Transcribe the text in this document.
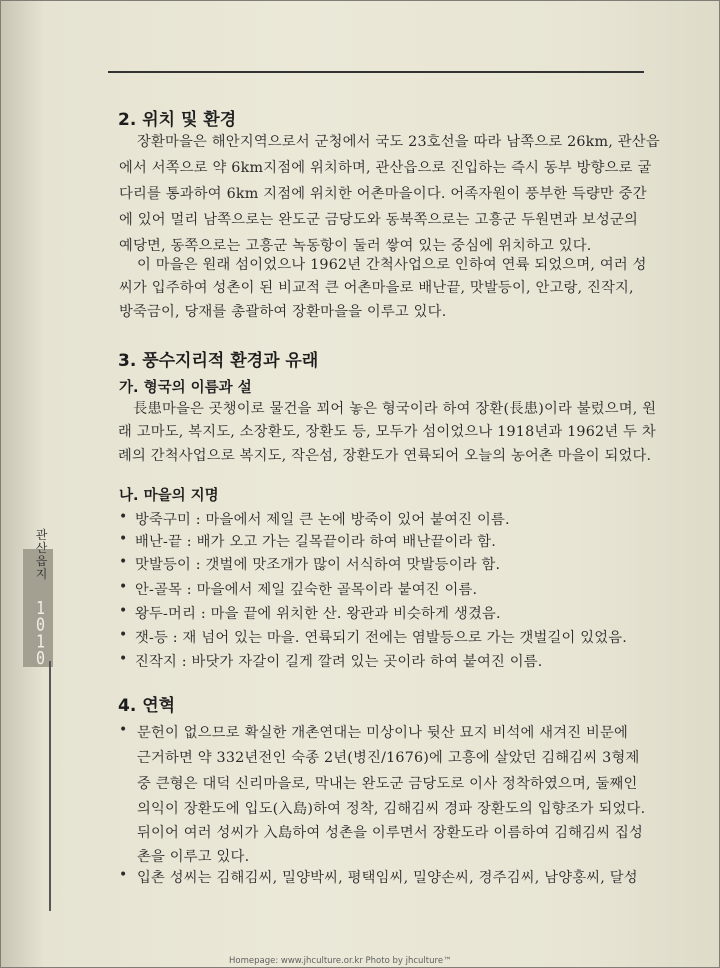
관산읍지
1010
2. 위치 및 환경
장환마을은 해안지역으로서 군청에서 국도 23호선을 따라 남쪽으로 26km, 관산읍
에서 서쪽으로 약 6km지점에 위치하며, 관산읍으로 진입하는 즉시 동부 방향으로 굴
다리를 통과하여 6km 지점에 위치한 어촌마을이다. 어족자원이 풍부한 득량만 중간
에 있어 멀리 남쪽으로는 완도군 금당도와 동북쪽으로는 고흥군 두원면과 보성군의
예당면, 동쪽으로는 고흥군 녹동항이 둘러 쌓여 있는 중심에 위치하고 있다.
이 마을은 원래 섬이었으나 1962년 간척사업으로 인하여 연륙 되었으며, 여러 성
씨가 입주하여 성촌이 된 비교적 큰 어촌마을로 배난끝, 맛발등이, 안고랑, 진작지,
방죽금이, 당재를 총괄하여 장환마을을 이루고 있다.
3. 풍수지리적 환경과 유래
가. 형국의 이름과 설
長患마을은 곳챙이로 물건을 꾀어 놓은 형국이라 하여 장환(長患)이라 불렀으며, 원
래 고마도, 복지도, 소장환도, 장환도 등, 모두가 섬이었으나 1918년과 1962년 두 차
례의 간척사업으로 복지도, 작은섬, 장환도가 연륙되어 오늘의 농어촌 마을이 되었다.
나. 마을의 지명
• 방죽구미 : 마을에서 제일 큰 논에 방죽이 있어 붙여진 이름.
• 배난-끝 : 배가 오고 가는 길목끝이라 하여 배난끝이라 함.
• 맛발등이 : 갯벌에 맛조개가 많이 서식하여 맛발등이라 함.
• 안-골목 : 마을에서 제일 깊숙한 골목이라 붙여진 이름.
• 왕두-머리 : 마을 끝에 위치한 산. 왕관과 비슷하게 생겼음.
• 잿-등 : 재 넘어 있는 마을. 연륙되기 전에는 염발등으로 가는 갯벌길이 있었음.
• 진작지 : 바닷가 자갈이 길게 깔려 있는 곳이라 하여 붙여진 이름.
4. 연혁
• 문헌이 없으므로 확실한 개촌연대는 미상이나 뒷산 묘지 비석에 새겨진 비문에
근거하면 약 332년전인 숙종 2년(병진/1676)에 고흥에 살았던 김해김씨 3형제
중 큰형은 대덕 신리마을로, 막내는 완도군 금당도로 이사 정착하였으며, 둘째인
의익이 장환도에 입도(入島)하여 정착, 김해김씨 경파 장환도의 입향조가 되었다.
뒤이어 여러 성씨가 入島하여 성촌을 이루면서 장환도라 이름하여 김해김씨 집성
촌을 이루고 있다.
• 입촌 성씨는 김해김씨, 밀양박씨, 평택임씨, 밀양손씨, 경주김씨, 남양홍씨, 달성
Homepage: www.jhculture.or.kr Photo by jhculture™
